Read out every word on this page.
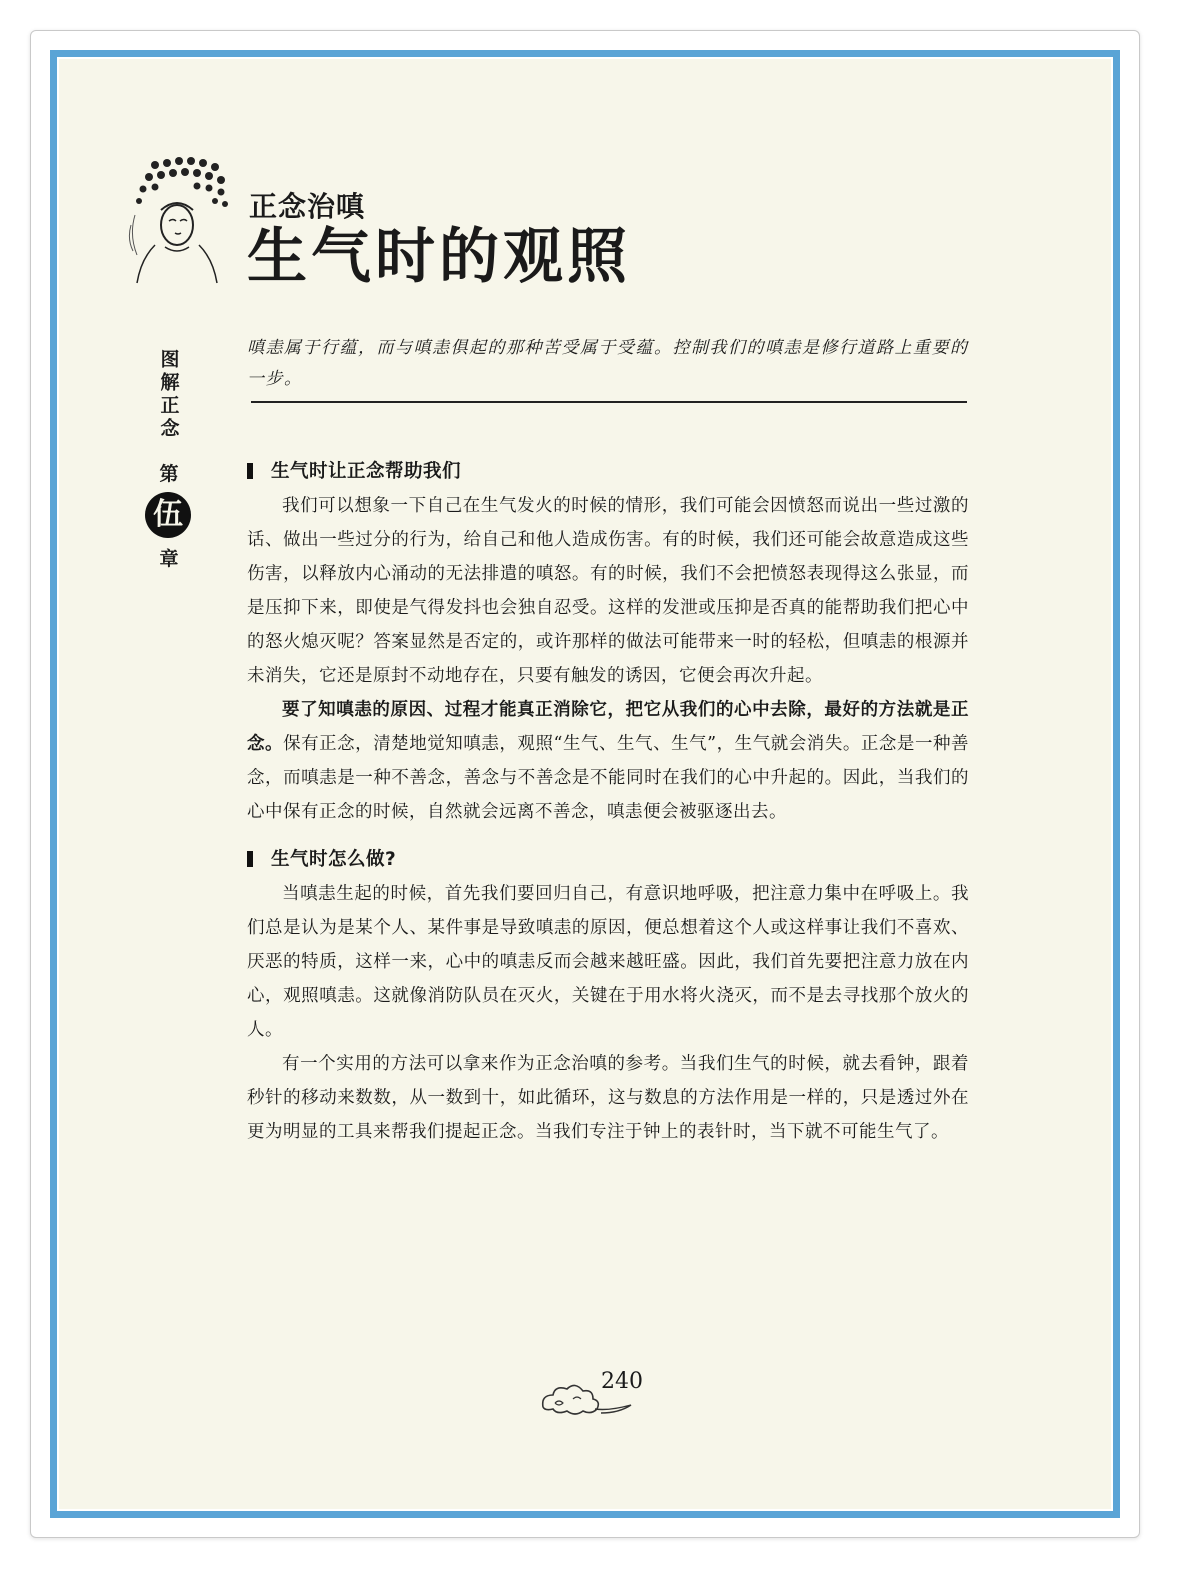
正念治嗔
生气时的观照
图解正念
第
伍
章

嗔恚属于行蕴，而与嗔恚俱起的那种苦受属于受蕴。控制我们的嗔恚是修行道路上重要的一步。

生气时让正念帮助我们

我们可以想象一下自己在生气发火的时候的情形，我们可能会因愤怒而说出一些过激的话、做出一些过分的行为，给自己和他人造成伤害。有的时候，我们还可能会故意造成这些伤害，以释放内心涌动的无法排遣的嗔怒。有的时候，我们不会把愤怒表现得这么张显，而是压抑下来，即使是气得发抖也会独自忍受。这样的发泄或压抑是否真的能帮助我们把心中的怒火熄灭呢？答案显然是否定的，或许那样的做法可能带来一时的轻松，但嗔恚的根源并未消失，它还是原封不动地存在，只要有触发的诱因，它便会再次升起。

要了知嗔恚的原因、过程才能真正消除它，把它从我们的心中去除，最好的方法就是正念。保有正念，清楚地觉知嗔恚，观照“生气、生气、生气”，生气就会消失。正念是一种善念，而嗔恚是一种不善念，善念与不善念是不能同时在我们的心中升起的。因此，当我们的心中保有正念的时候，自然就会远离不善念，嗔恚便会被驱逐出去。

生气时怎么做?

当嗔恚生起的时候，首先我们要回归自己，有意识地呼吸，把注意力集中在呼吸上。我们总是认为是某个人、某件事是导致嗔恚的原因，便总想着这个人或这样事让我们不喜欢、厌恶的特质，这样一来，心中的嗔恚反而会越来越旺盛。因此，我们首先要把注意力放在内心，观照嗔恚。这就像消防队员在灭火，关键在于用水将火浇灭，而不是去寻找那个放火的人。

有一个实用的方法可以拿来作为正念治嗔的参考。当我们生气的时候，就去看钟，跟着秒针的移动来数数，从一数到十，如此循环，这与数息的方法作用是一样的，只是透过外在更为明显的工具来帮我们提起正念。当我们专注于钟上的表针时，当下就不可能生气了。

240
